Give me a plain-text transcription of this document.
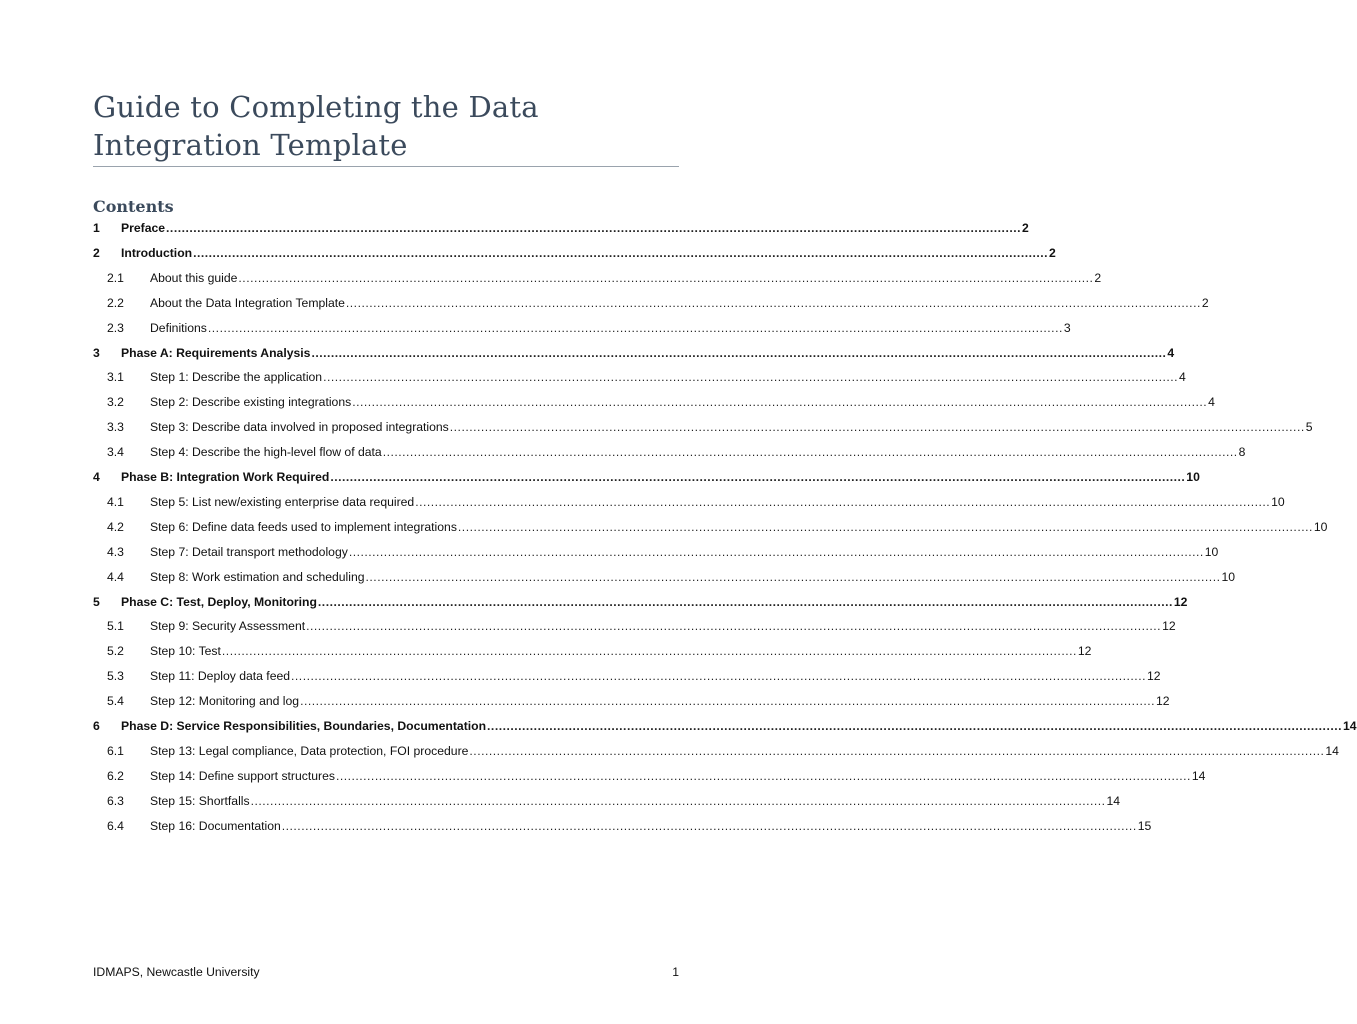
Guide to Completing the Data Integration Template
Contents
1	Preface ............................................................................................................................................................................................................................ 2
2	Introduction ............................................................................................................................................................................................................................ 2
2.1	About this guide ............................................................................................................................................................................................................................ 2
2.2	About the Data Integration Template ............................................................................................................................................................................................................................ 2
2.3	Definitions ............................................................................................................................................................................................................................ 3
3	Phase A: Requirements Analysis ............................................................................................................................................................................................................................ 4
3.1	Step 1: Describe the application ............................................................................................................................................................................................................................ 4
3.2	Step 2: Describe existing integrations ............................................................................................................................................................................................................................ 4
3.3	Step 3: Describe data involved in proposed integrations ............................................................................................................................................................................................................................ 5
3.4	Step 4: Describe the high-level flow of data ............................................................................................................................................................................................................................ 8
4	Phase B: Integration Work Required ............................................................................................................................................................................................................................ 10
4.1	Step 5: List new/existing enterprise data required ............................................................................................................................................................................................................................ 10
4.2	Step 6: Define data feeds used to implement integrations ............................................................................................................................................................................................................................ 10
4.3	Step 7: Detail transport methodology ............................................................................................................................................................................................................................ 10
4.4	Step 8: Work estimation and scheduling ............................................................................................................................................................................................................................ 10
5	Phase C: Test, Deploy, Monitoring ............................................................................................................................................................................................................................ 12
5.1	Step 9: Security Assessment ............................................................................................................................................................................................................................ 12
5.2	Step 10: Test ............................................................................................................................................................................................................................ 12
5.3	Step 11: Deploy data feed ............................................................................................................................................................................................................................ 12
5.4	Step 12: Monitoring and log ............................................................................................................................................................................................................................ 12
6	Phase D: Service Responsibilities, Boundaries, Documentation ............................................................................................................................................................................................................................ 14
6.1	Step 13: Legal compliance, Data protection, FOI procedure ............................................................................................................................................................................................................................ 14
6.2	Step 14: Define support structures ............................................................................................................................................................................................................................ 14
6.3	Step 15: Shortfalls ............................................................................................................................................................................................................................ 14
6.4	Step 16: Documentation ............................................................................................................................................................................................................................ 15
IDMAPS, Newcastle University	1
